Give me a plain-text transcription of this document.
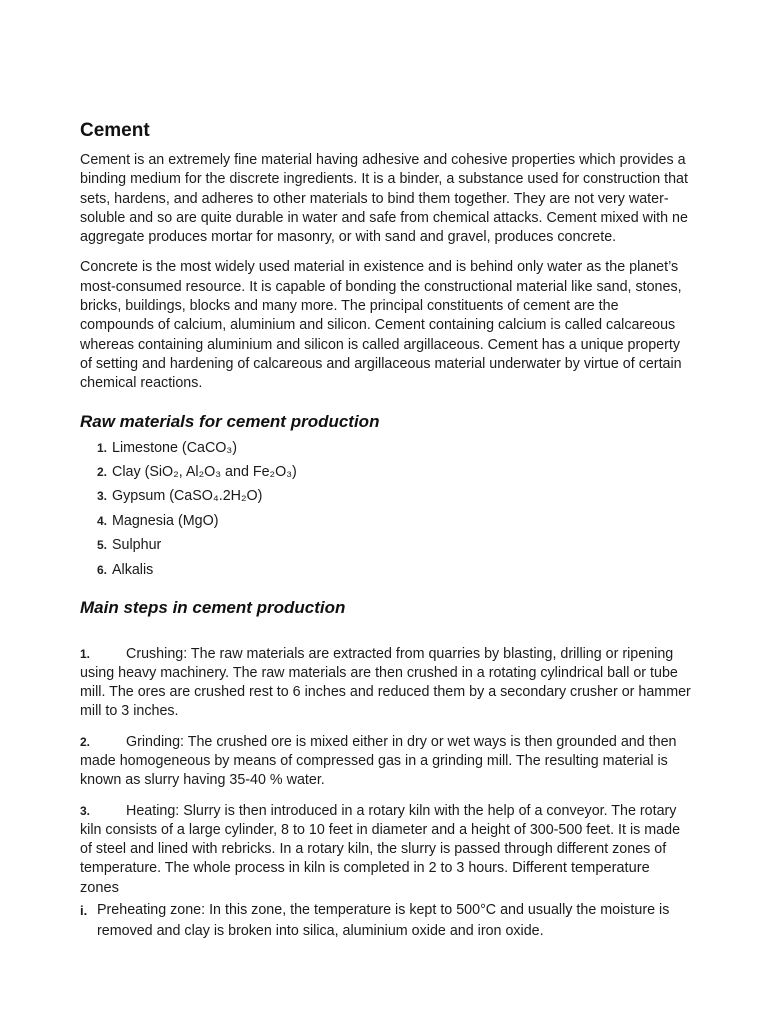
Cement

Cement is an extremely fine material having adhesive and cohesive properties which provides a binding medium for the discrete ingredients. It is a binder, a substance used for construction that sets, hardens, and adheres to other materials to bind them together. They are not very water-soluble and so are quite durable in water and safe from chemical attacks. Cement mixed with ne aggregate produces mortar for masonry, or with sand and gravel, produces concrete.

Concrete is the most widely used material in existence and is behind only water as the planet’s most-consumed resource. It is capable of bonding the constructional material like sand, stones, bricks, buildings, blocks and many more. The principal constituents of cement are the compounds of calcium, aluminium and silicon. Cement containing calcium is called calcareous whereas containing aluminium and silicon is called argillaceous. Cement has a unique property of setting and hardening of calcareous and argillaceous material underwater by virtue of certain chemical reactions.

Raw materials for cement production
1. Limestone (CaCO₃)
2. Clay (SiO₂, Al₂O₃ and Fe₂O₃)
3. Gypsum (CaSO₄.2H₂O)
4. Magnesia (MgO)
5. Sulphur
6. Alkalis
Main steps in cement production

1.	Crushing: The raw materials are extracted from quarries by blasting, drilling or ripening using heavy machinery. The raw materials are then crushed in a rotating cylindrical ball or tube mill. The ores are crushed rest to 6 inches and reduced them by a secondary crusher or hammer mill to 3 inches.

2.	Grinding: The crushed ore is mixed either in dry or wet ways is then grounded and then made homogeneous by means of compressed gas in a grinding mill. The resulting material is known as slurry having 35-40 % water.

3.	Heating: Slurry is then introduced in a rotary kiln with the help of a conveyor. The rotary kiln consists of a large cylinder, 8 to 10 feet in diameter and a height of 300-500 feet. It is made of steel and lined with rebricks. In a rotary kiln, the slurry is passed through different zones of temperature. The whole process in kiln is completed in 2 to 3 hours. Different temperature zones

i. Preheating zone: In this zone, the temperature is kept to 500°C and usually the moisture is removed and clay is broken into silica, aluminium oxide and iron oxide.
